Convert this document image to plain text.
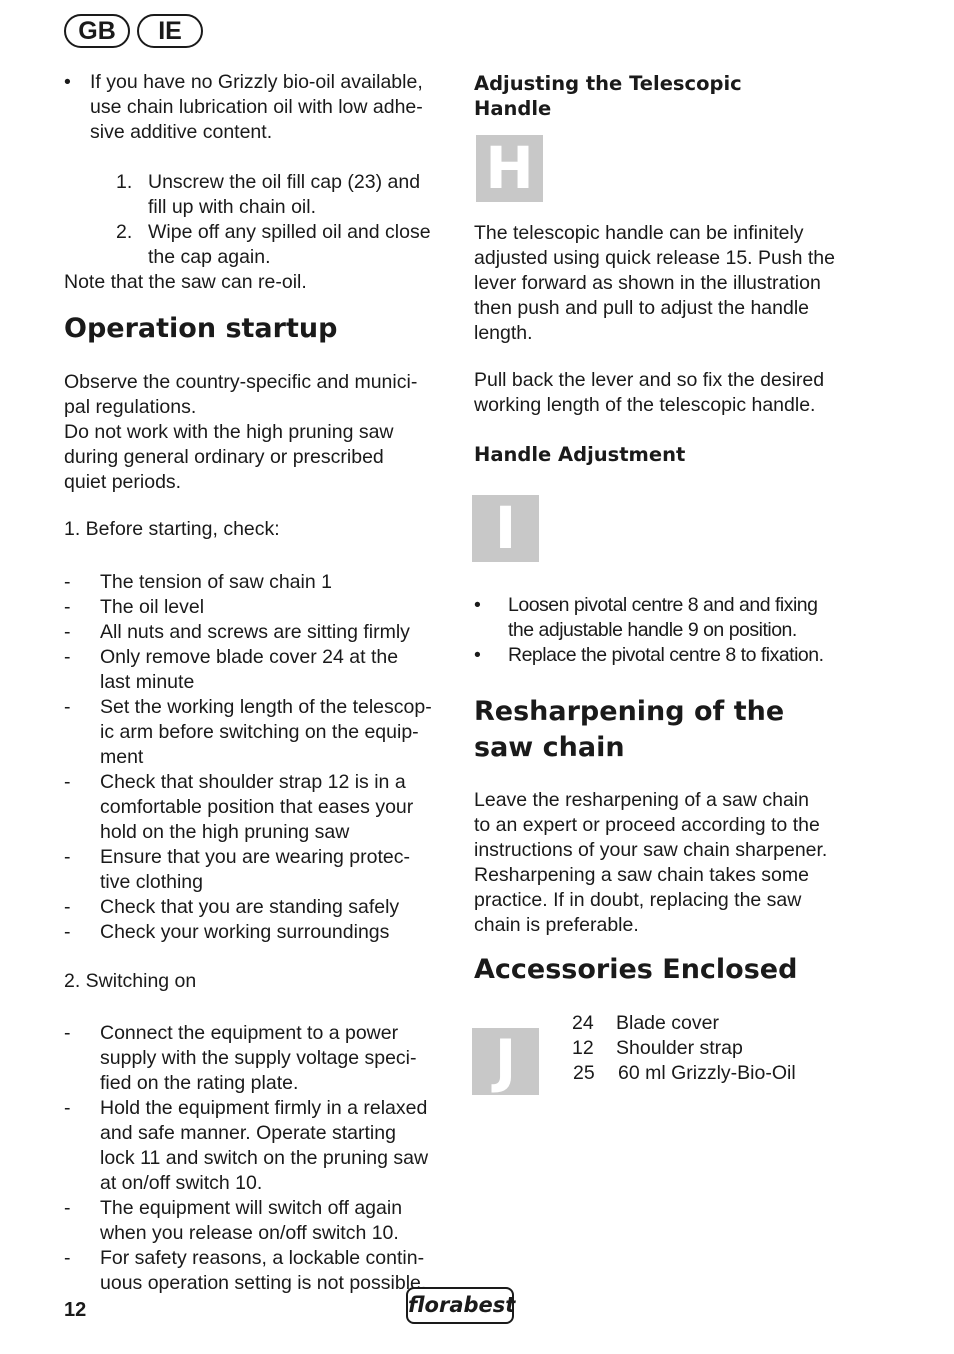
GB	IE
• If you have no Grizzly bio-oil available,
use chain lubrication oil with low adhe-
sive additive content.
1. Unscrew the oil fill cap (23) and
fill up with chain oil.
2. Wipe off any spilled oil and close
the cap again.
Note that the saw can re-oil.
Operation startup
Observe the country-specific and munici-
pal regulations.
Do not work with the high pruning saw
during general ordinary or prescribed
quiet periods.
1. Before starting, check:
- The tension of saw chain 1
- The oil level
- All nuts and screws are sitting firmly
- Only remove blade cover 24 at the
last minute
- Set the working length of the telescop-
ic arm before switching on the equip-
ment
- Check that shoulder strap 12 is in a
comfortable position that eases your
hold on the high pruning saw
- Ensure that you are wearing protec-
tive clothing
- Check that you are standing safely
- Check your working surroundings
2. Switching on
- Connect the equipment to a power
supply with the supply voltage speci-
fied on the rating plate.
- Hold the equipment firmly in a relaxed
and safe manner. Operate starting
lock 11 and switch on the pruning saw
at on/off switch 10.
- The equipment will switch off again
when you release on/off switch 10.
- For safety reasons, a lockable contin-
uous operation setting is not possible.
Adjusting the Telescopic
Handle
H
The telescopic handle can be infinitely
adjusted using quick release 15. Push the
lever forward as shown in the illustration
then push and pull to adjust the handle
length.
Pull back the lever and so fix the desired
working length of the telescopic handle.
Handle Adjustment
I
• Loosen pivotal centre 8 and and fixing
the adjustable handle 9 on position.
• Replace the pivotal centre 8 to fixation.
Resharpening of the
saw chain
Leave the resharpening of a saw chain
to an expert or proceed according to the
instructions of your saw chain sharpener.
Resharpening a saw chain takes some
practice. If in doubt, replacing the saw
chain is preferable.
Accessories Enclosed
J
24 Blade cover
12 Shoulder strap
25 60 ml Grizzly-Bio-Oil
12	florabest
